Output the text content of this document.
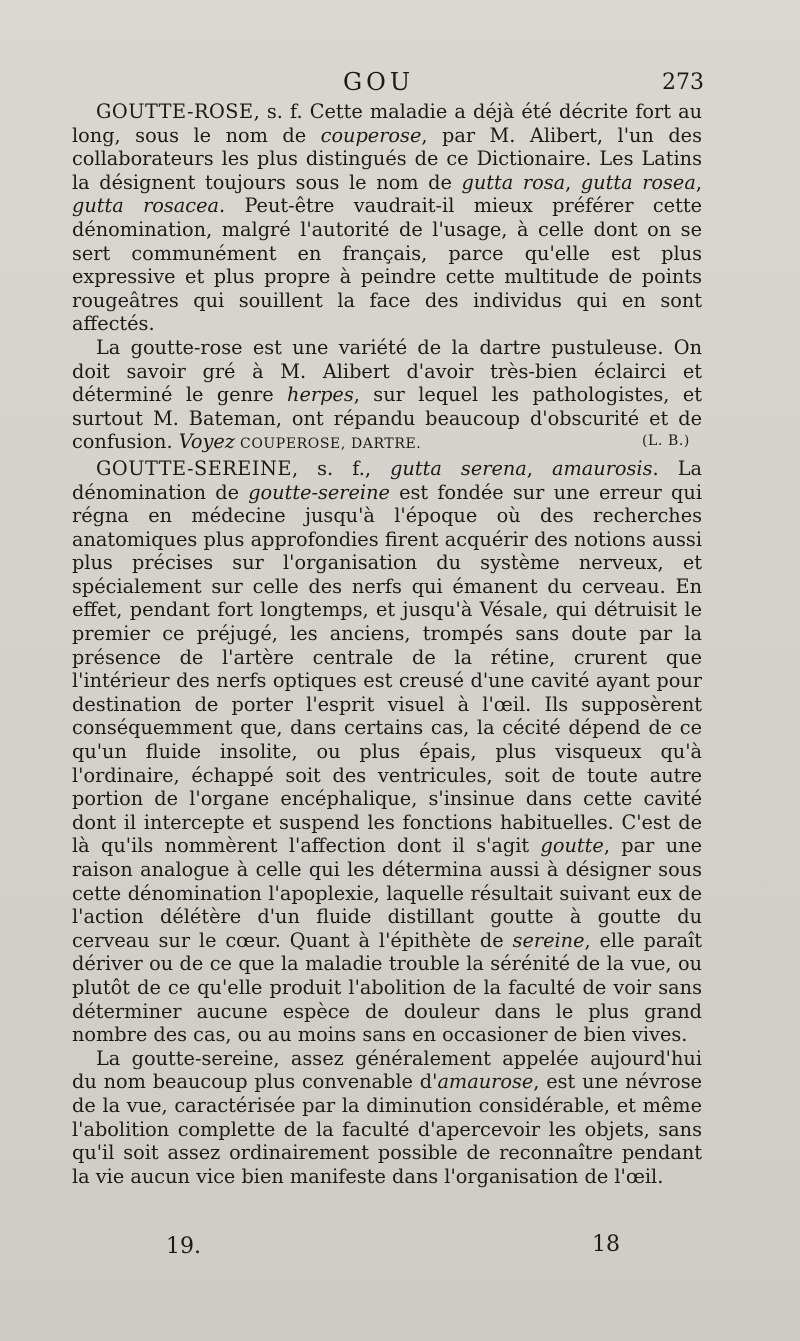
GOU	273

GOUTTE-ROSE, s. f. Cette maladie a déjà été décrite fort au long, sous le nom de couperose, par M. Alibert, l'un des collaborateurs les plus distingués de ce Dictionaire. Les Latins la désignent toujours sous le nom de gutta rosa, gutta rosea, gutta rosacea. Peut-être vaudrait-il mieux préférer cette dénomination, malgré l'autorité de l'usage, à celle dont on se sert communément en français, parce qu'elle est plus expressive et plus propre à peindre cette multitude de points rougeâtres qui souillent la face des individus qui en sont affectés.

La goutte-rose est une variété de la dartre pustuleuse. On doit savoir gré à M. Alibert d'avoir très-bien éclairci et déterminé le genre herpes, sur lequel les pathologistes, et surtout M. Bateman, ont répandu beaucoup d'obscurité et de confusion. Voyez COUPEROSE, DARTRE.	(L. B.)

GOUTTE-SEREINE, s. f., gutta serena, amaurosis. La dénomination de goutte-sereine est fondée sur une erreur qui régna en médecine jusqu'à l'époque où des recherches anatomiques plus approfondies firent acquérir des notions aussi plus précises sur l'organisation du système nerveux, et spécialement sur celle des nerfs qui émanent du cerveau. En effet, pendant fort longtemps, et jusqu'à Vésale, qui détruisit le premier ce préjugé, les anciens, trompés sans doute par la présence de l'artère centrale de la rétine, crurent que l'intérieur des nerfs optiques est creusé d'une cavité ayant pour destination de porter l'esprit visuel à l'œil. Ils supposèrent conséquemment que, dans certains cas, la cécité dépend de ce qu'un fluide insolite, ou plus épais, plus visqueux qu'à l'ordinaire, échappé soit des ventricules, soit de toute autre portion de l'organe encéphalique, s'insinue dans cette cavité dont il intercepte et suspend les fonctions habituelles. C'est de là qu'ils nommèrent l'affection dont il s'agit goutte, par une raison analogue à celle qui les détermina aussi à désigner sous cette dénomination l'apoplexie, laquelle résultait suivant eux de l'action délétère d'un fluide distillant goutte à goutte du cerveau sur le cœur. Quant à l'épithète de sereine, elle paraît dériver ou de ce que la maladie trouble la sérénité de la vue, ou plutôt de ce qu'elle produit l'abolition de la faculté de voir sans déterminer aucune espèce de douleur dans le plus grand nombre des cas, ou au moins sans en occasioner de bien vives.

La goutte-sereine, assez généralement appelée aujourd'hui du nom beaucoup plus convenable d'amaurose, est une névrose de la vue, caractérisée par la diminution considérable, et même l'abolition complette de la faculté d'apercevoir les objets, sans qu'il soit assez ordinairement possible de reconnaître pendant la vie aucun vice bien manifeste dans l'organisation de l'œil.

19.	18
